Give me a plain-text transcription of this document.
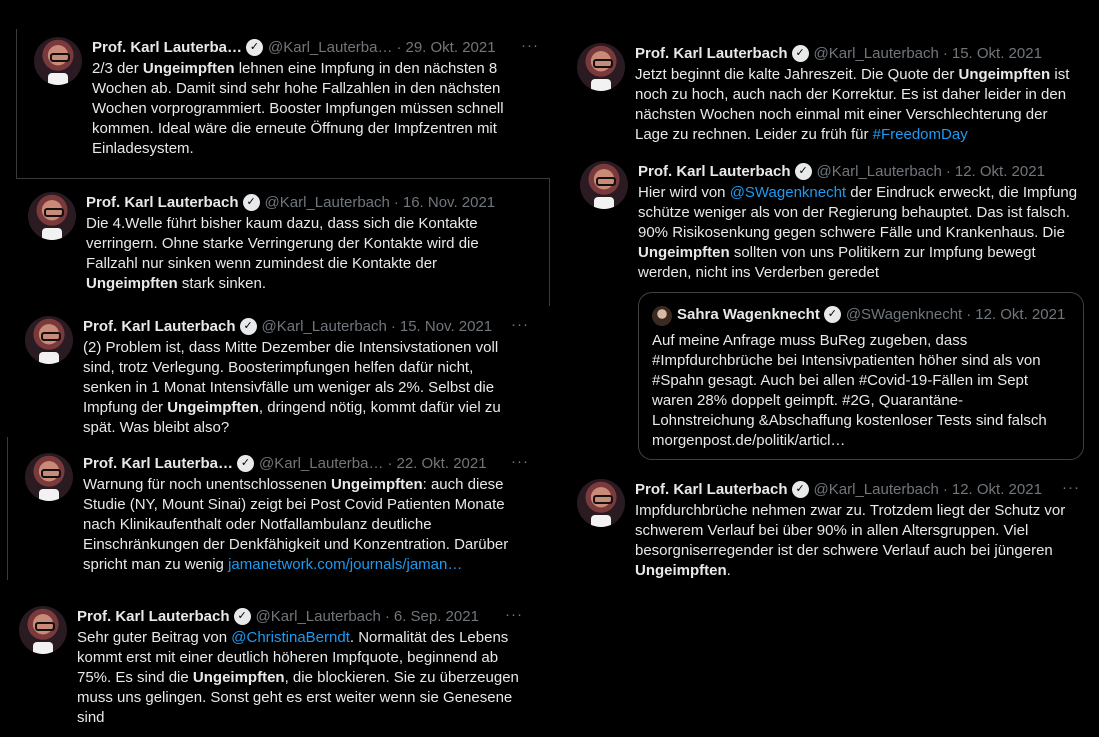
Prof. Karl Lauterba… ✓ @Karl_Lauterba… · 29. Okt. 2021 ···
2/3 der Ungeimpften lehnen eine Impfung in den nächsten 8
Wochen ab. Damit sind sehr hohe Fallzahlen in den nächsten
Wochen vorprogrammiert. Booster Impfungen müssen schnell
kommen. Ideal wäre die erneute Öffnung der Impfzentren mit
Einladesystem.
Prof. Karl Lauterbach ✓ @Karl_Lauterbach · 16. Nov. 2021
Die 4.Welle führt bisher kaum dazu, dass sich die Kontakte
verringern. Ohne starke Verringerung der Kontakte wird die
Fallzahl nur sinken wenn zumindest die Kontakte der
Ungeimpften stark sinken.
Prof. Karl Lauterbach ✓ @Karl_Lauterbach · 15. Nov. 2021 ···
(2) Problem ist, dass Mitte Dezember die Intensivstationen voll
sind, trotz Verlegung. Boosterimpfungen helfen dafür nicht,
senken in 1 Monat Intensivfälle um weniger als 2%. Selbst die
Impfung der Ungeimpften, dringend nötig, kommt dafür viel zu
spät. Was bleibt also?
Prof. Karl Lauterba… ✓ @Karl_Lauterba… · 22. Okt. 2021 ···
Warnung für noch unentschlossenen Ungeimpften: auch diese
Studie (NY, Mount Sinai) zeigt bei Post Covid Patienten Monate
nach Klinikaufenthalt oder Notfallambulanz deutliche
Einschränkungen der Denkfähigkeit und Konzentration. Darüber
spricht man zu wenig jamanetwork.com/journals/jaman…
Prof. Karl Lauterbach ✓ @Karl_Lauterbach · 6. Sep. 2021 ···
Sehr guter Beitrag von @ChristinaBerndt. Normalität des Lebens
kommt erst mit einer deutlich höheren Impfquote, beginnend ab
75%. Es sind die Ungeimpften, die blockieren. Sie zu überzeugen
muss uns gelingen. Sonst geht es erst weiter wenn sie Genesene
sind
Prof. Karl Lauterbach ✓ @Karl_Lauterbach · 15. Okt. 2021
Jetzt beginnt die kalte Jahreszeit. Die Quote der Ungeimpften ist
noch zu hoch, auch nach der Korrektur. Es ist daher leider in den
nächsten Wochen noch einmal mit einer Verschlechterung der
Lage zu rechnen. Leider zu früh für #FreedomDay
Prof. Karl Lauterbach ✓ @Karl_Lauterbach · 12. Okt. 2021
Hier wird von @SWagenknecht der Eindruck erweckt, die Impfung
schütze weniger als von der Regierung behauptet. Das ist falsch.
90% Risikosenkung gegen schwere Fälle und Krankenhaus. Die
Ungeimpften sollten von uns Politikern zur Impfung bewegt
werden, nicht ins Verderben geredet
Sahra Wagenknecht ✓ @SWagenknecht · 12. Okt. 2021
Auf meine Anfrage muss BuReg zugeben, dass
#Impfdurchbrüche bei Intensivpatienten höher sind als von
#Spahn gesagt. Auch bei allen #Covid-19-Fällen im Sept
waren 28% doppelt geimpft. #2G, Quarantäne-
Lohnstreichung &Abschaffung kostenloser Tests sind falsch
morgenpost.de/politik/articl…
Prof. Karl Lauterbach ✓ @Karl_Lauterbach · 12. Okt. 2021 ···
Impfdurchbrüche nehmen zwar zu. Trotzdem liegt der Schutz vor
schwerem Verlauf bei über 90% in allen Altersgruppen. Viel
besorgniserregender ist der schwere Verlauf auch bei jüngeren
Ungeimpften.
